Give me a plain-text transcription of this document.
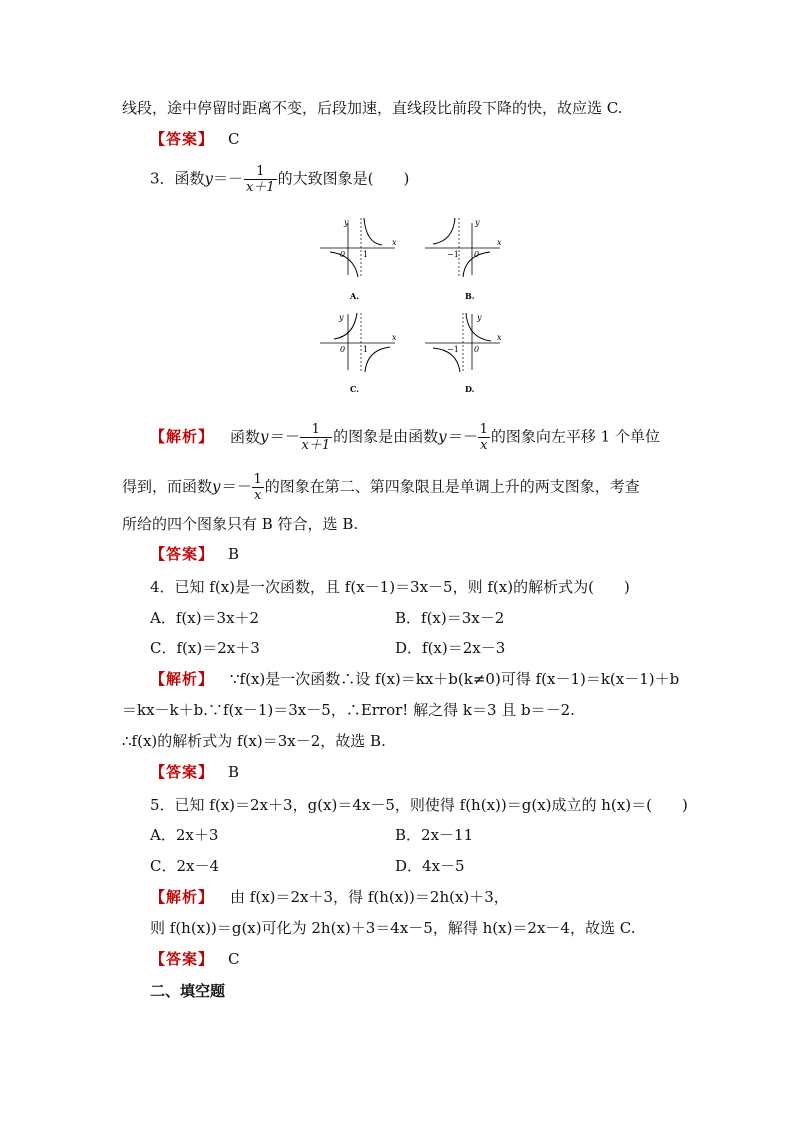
线段，途中停留时距离不变，后段加速，直线段比前段下降的快，故应选 C.
【答案】 C
3．函数$y=- \frac{1}{x+1}$ 的大致图象是(　　)
y
x
0 1
A.
y
x
0
−1
B.
y
x
0 1
C.
y
x
0
−1
D.
【解析】 函数$y=- \frac{1}{x+1}$ 的图象是由函数$y=- \frac{1}{x}$ 的图象向左平移 1 个单位
得到，而函数$y=- \frac{1}{x}$ 的图象在第二、第四象限且是单调上升的两支图象，考查
所给的四个图象只有 B 符合，选 B.
【答案】 B
4．已知 f(x)是一次函数，且 f(x－1)＝3x－5，则 f(x)的解析式为(　　)
A．f(x)＝3x＋2	B．f(x)＝3x－2
C．f(x)＝2x＋3	D．f(x)＝2x－3
【解析】 ∵f(x)是一次函数∴设 f(x)＝kx＋b(k≠0)可得 f(x－1)＝k(x－1)＋b
＝kx－k＋b.∵f(x－1)＝3x－5，∴Error! 解之得 k＝3 且 b＝－2.
∴f(x)的解析式为 f(x)＝3x－2，故选 B.
【答案】 B
5．已知 f(x)＝2x＋3，g(x)＝4x－5，则使得 f(h(x))＝g(x)成立的 h(x)＝(　　)
A．2x＋3	B．2x－11
C．2x－4	D．4x－5
【解析】 由 f(x)＝2x＋3，得 f(h(x))＝2h(x)＋3，
则 f(h(x))＝g(x)可化为 2h(x)＋3＝4x－5，解得 h(x)＝2x－4，故选 C.
【答案】 C
二、填空题
